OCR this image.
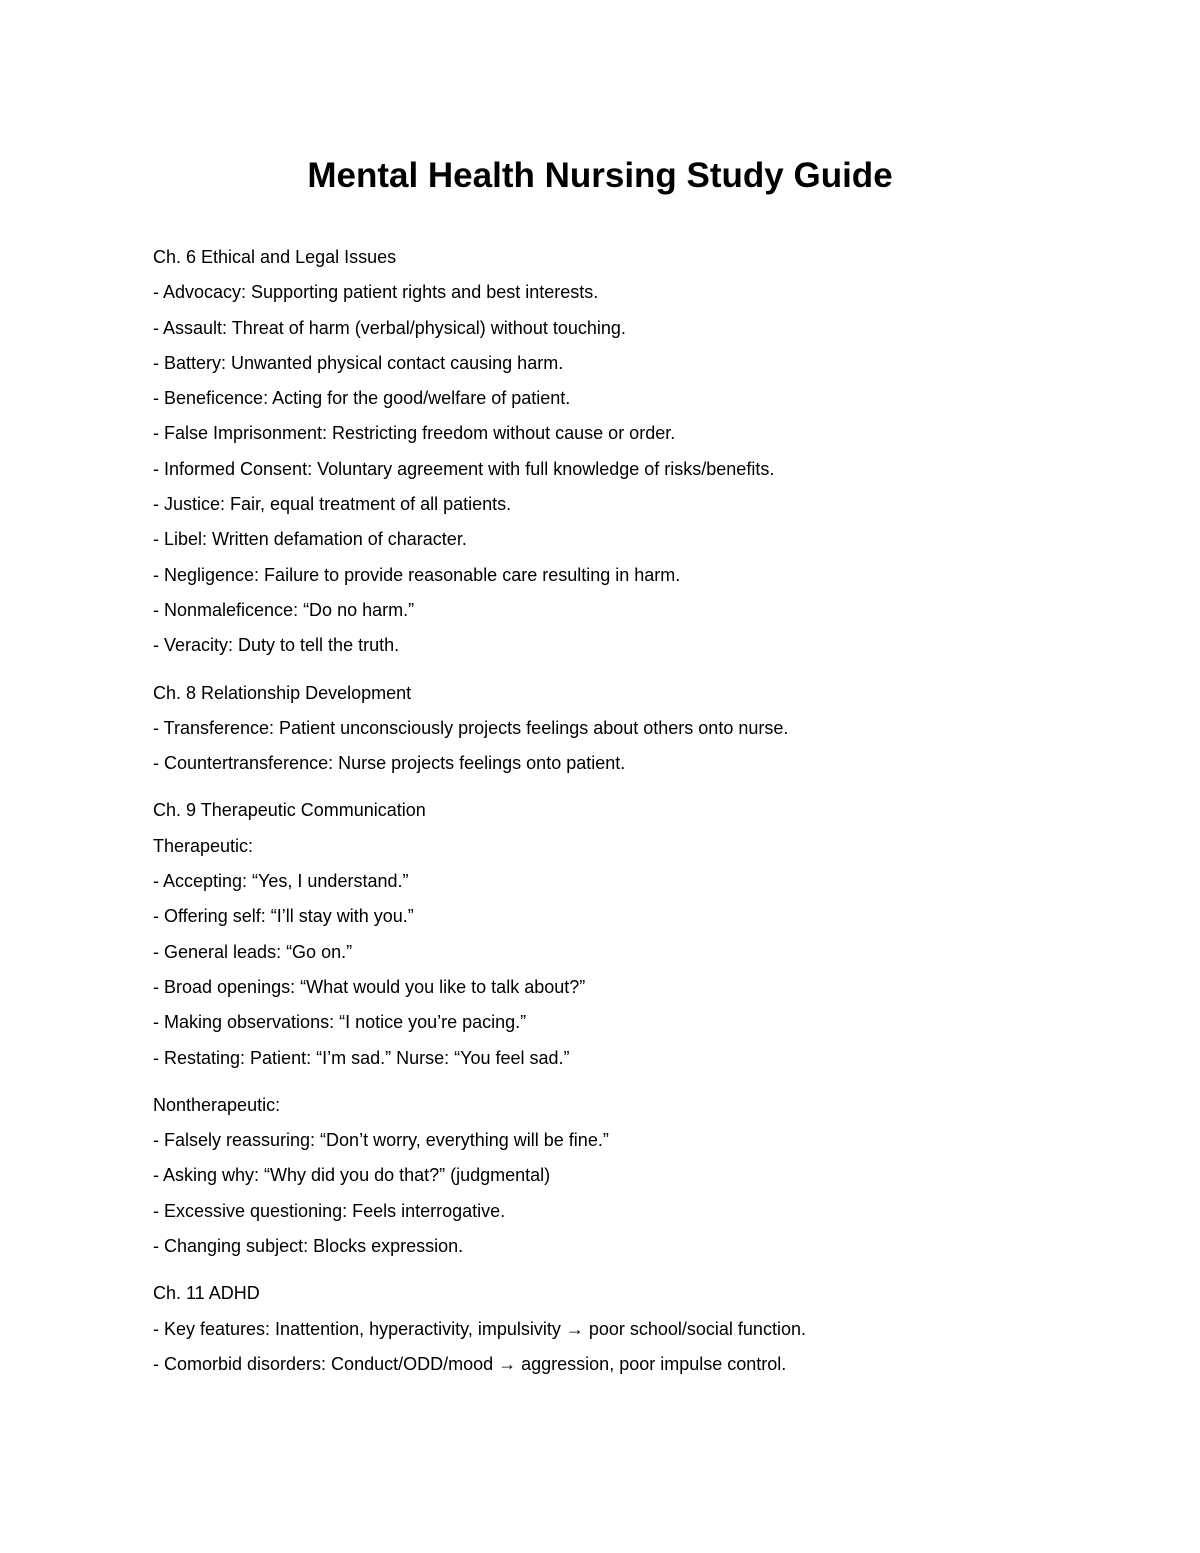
Mental Health Nursing Study Guide
Ch. 6 Ethical and Legal Issues
- Advocacy: Supporting patient rights and best interests.
- Assault: Threat of harm (verbal/physical) without touching.
- Battery: Unwanted physical contact causing harm.
- Beneficence: Acting for the good/welfare of patient.
- False Imprisonment: Restricting freedom without cause or order.
- Informed Consent: Voluntary agreement with full knowledge of risks/benefits.
- Justice: Fair, equal treatment of all patients.
- Libel: Written defamation of character.
- Negligence: Failure to provide reasonable care resulting in harm.
- Nonmaleficence: “Do no harm.”
- Veracity: Duty to tell the truth.
Ch. 8 Relationship Development
- Transference: Patient unconsciously projects feelings about others onto nurse.
- Countertransference: Nurse projects feelings onto patient.
Ch. 9 Therapeutic Communication
Therapeutic:
- Accepting: “Yes, I understand.”
- Offering self: “I’ll stay with you.”
- General leads: “Go on.”
- Broad openings: “What would you like to talk about?”
- Making observations: “I notice you’re pacing.”
- Restating: Patient: “I’m sad.” Nurse: “You feel sad.”
Nontherapeutic:
- Falsely reassuring: “Don’t worry, everything will be fine.”
- Asking why: “Why did you do that?” (judgmental)
- Excessive questioning: Feels interrogative.
- Changing subject: Blocks expression.
Ch. 11 ADHD
- Key features: Inattention, hyperactivity, impulsivity → poor school/social function.
- Comorbid disorders: Conduct/ODD/mood → aggression, poor impulse control.
